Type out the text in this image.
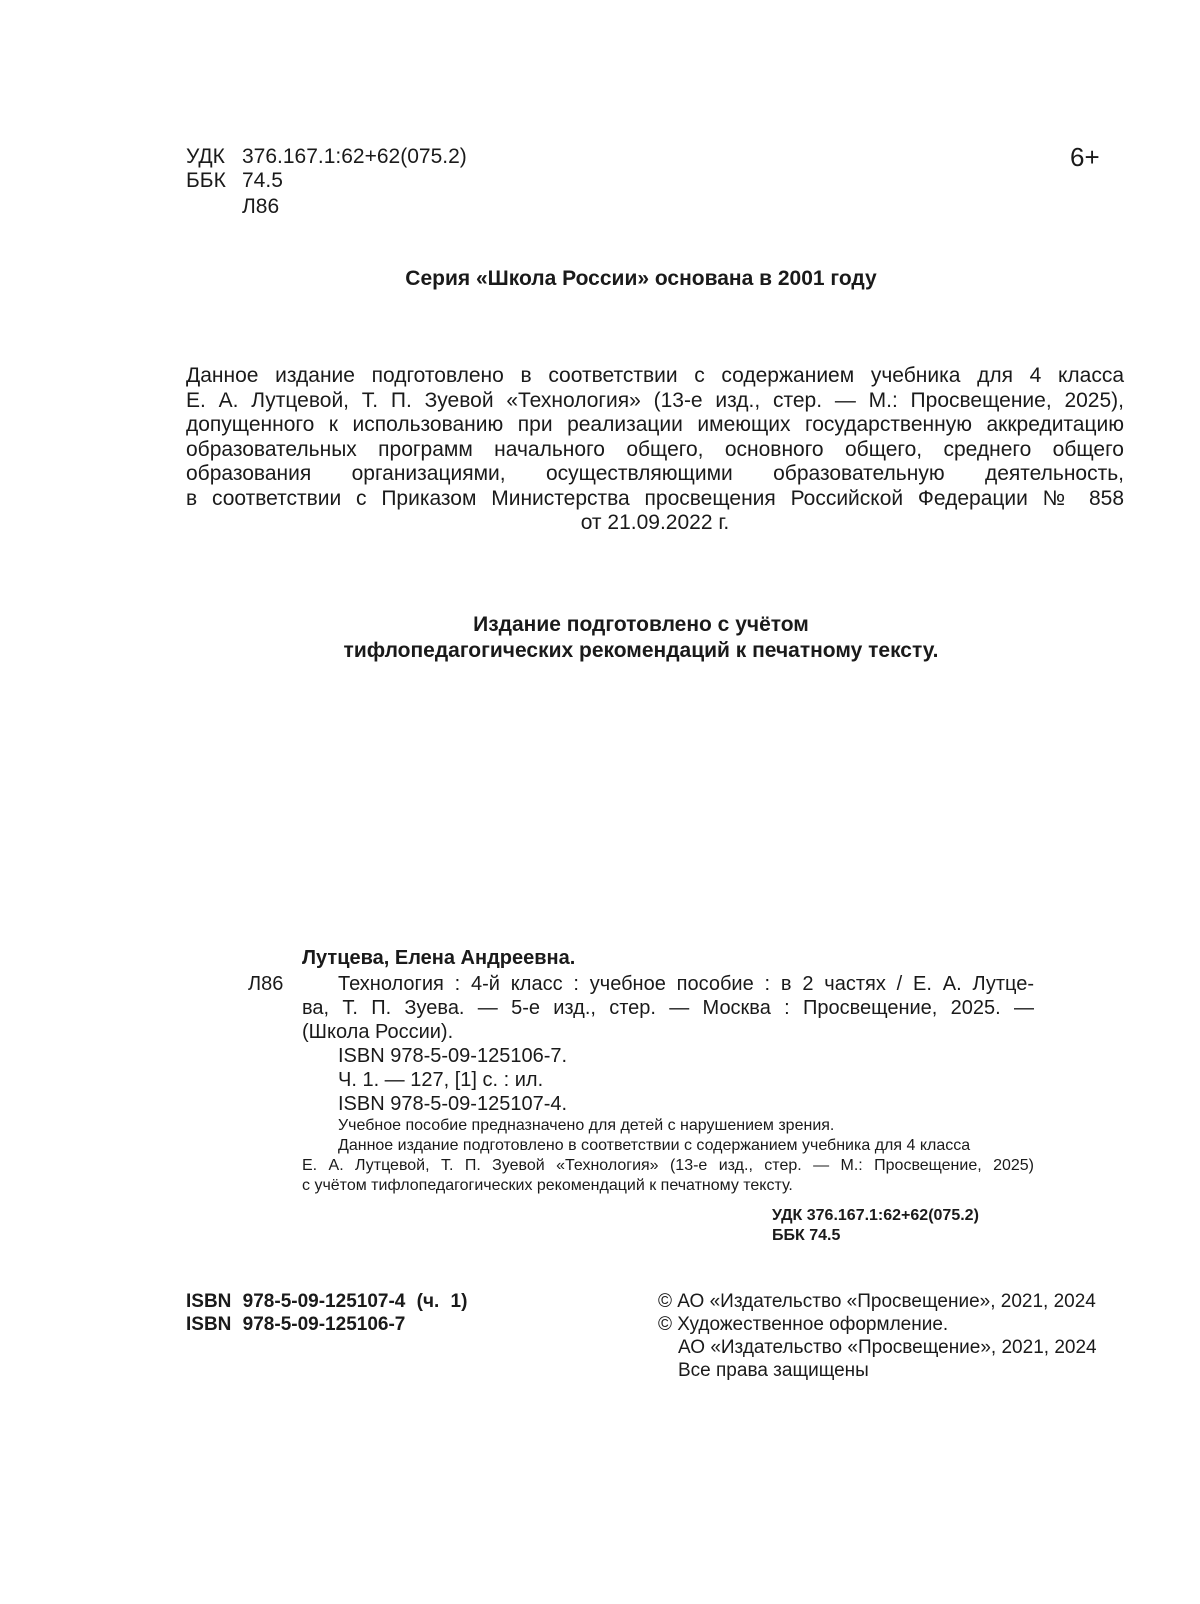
УДК 376.167.1:62+62(075.2)
ББК 74.5
Л86
6+
Серия «Школа России» основана в 2001 году
Данное издание подготовлено в соответствии с содержанием учебника для 4 класса
Е. А. Лутцевой, Т. П. Зуевой «Технология» (13-е изд., стер. — М.: Просвещение, 2025),
допущенного к использованию при реализации имеющих государственную аккредитацию
образовательных программ начального общего, основного общего, среднего общего
образования организациями, осуществляющими образовательную деятельность,
в соответствии с Приказом Министерства просвещения Российской Федерации № 858
от 21.09.2022 г.
Издание подготовлено с учётом
тифлопедагогических рекомендаций к печатному тексту.
Лутцева, Елена Андреевна.
Л86	Технология : 4-й класс : учебное пособие : в 2 частях / Е. А. Лутце-
ва, Т. П. Зуева. — 5-е изд., стер. — Москва : Просвещение, 2025. —
(Школа России).
ISBN 978-5-09-125106-7.
Ч. 1. — 127, [1] с. : ил.
ISBN 978-5-09-125107-4.
Учебное пособие предназначено для детей с нарушением зрения.
Данное издание подготовлено в соответствии с содержанием учебника для 4 класса
Е. А. Лутцевой, Т. П. Зуевой «Технология» (13-е изд., стер. — М.: Просвещение, 2025)
с учётом тифлопедагогических рекомендаций к печатному тексту.
УДК 376.167.1:62+62(075.2)
ББК 74.5
ISBN 978-5-09-125107-4 (ч. 1)
ISBN 978-5-09-125106-7
© АО «Издательство «Просвещение», 2021, 2024
© Художественное оформление.
АО «Издательство «Просвещение», 2021, 2024
Все права защищены
